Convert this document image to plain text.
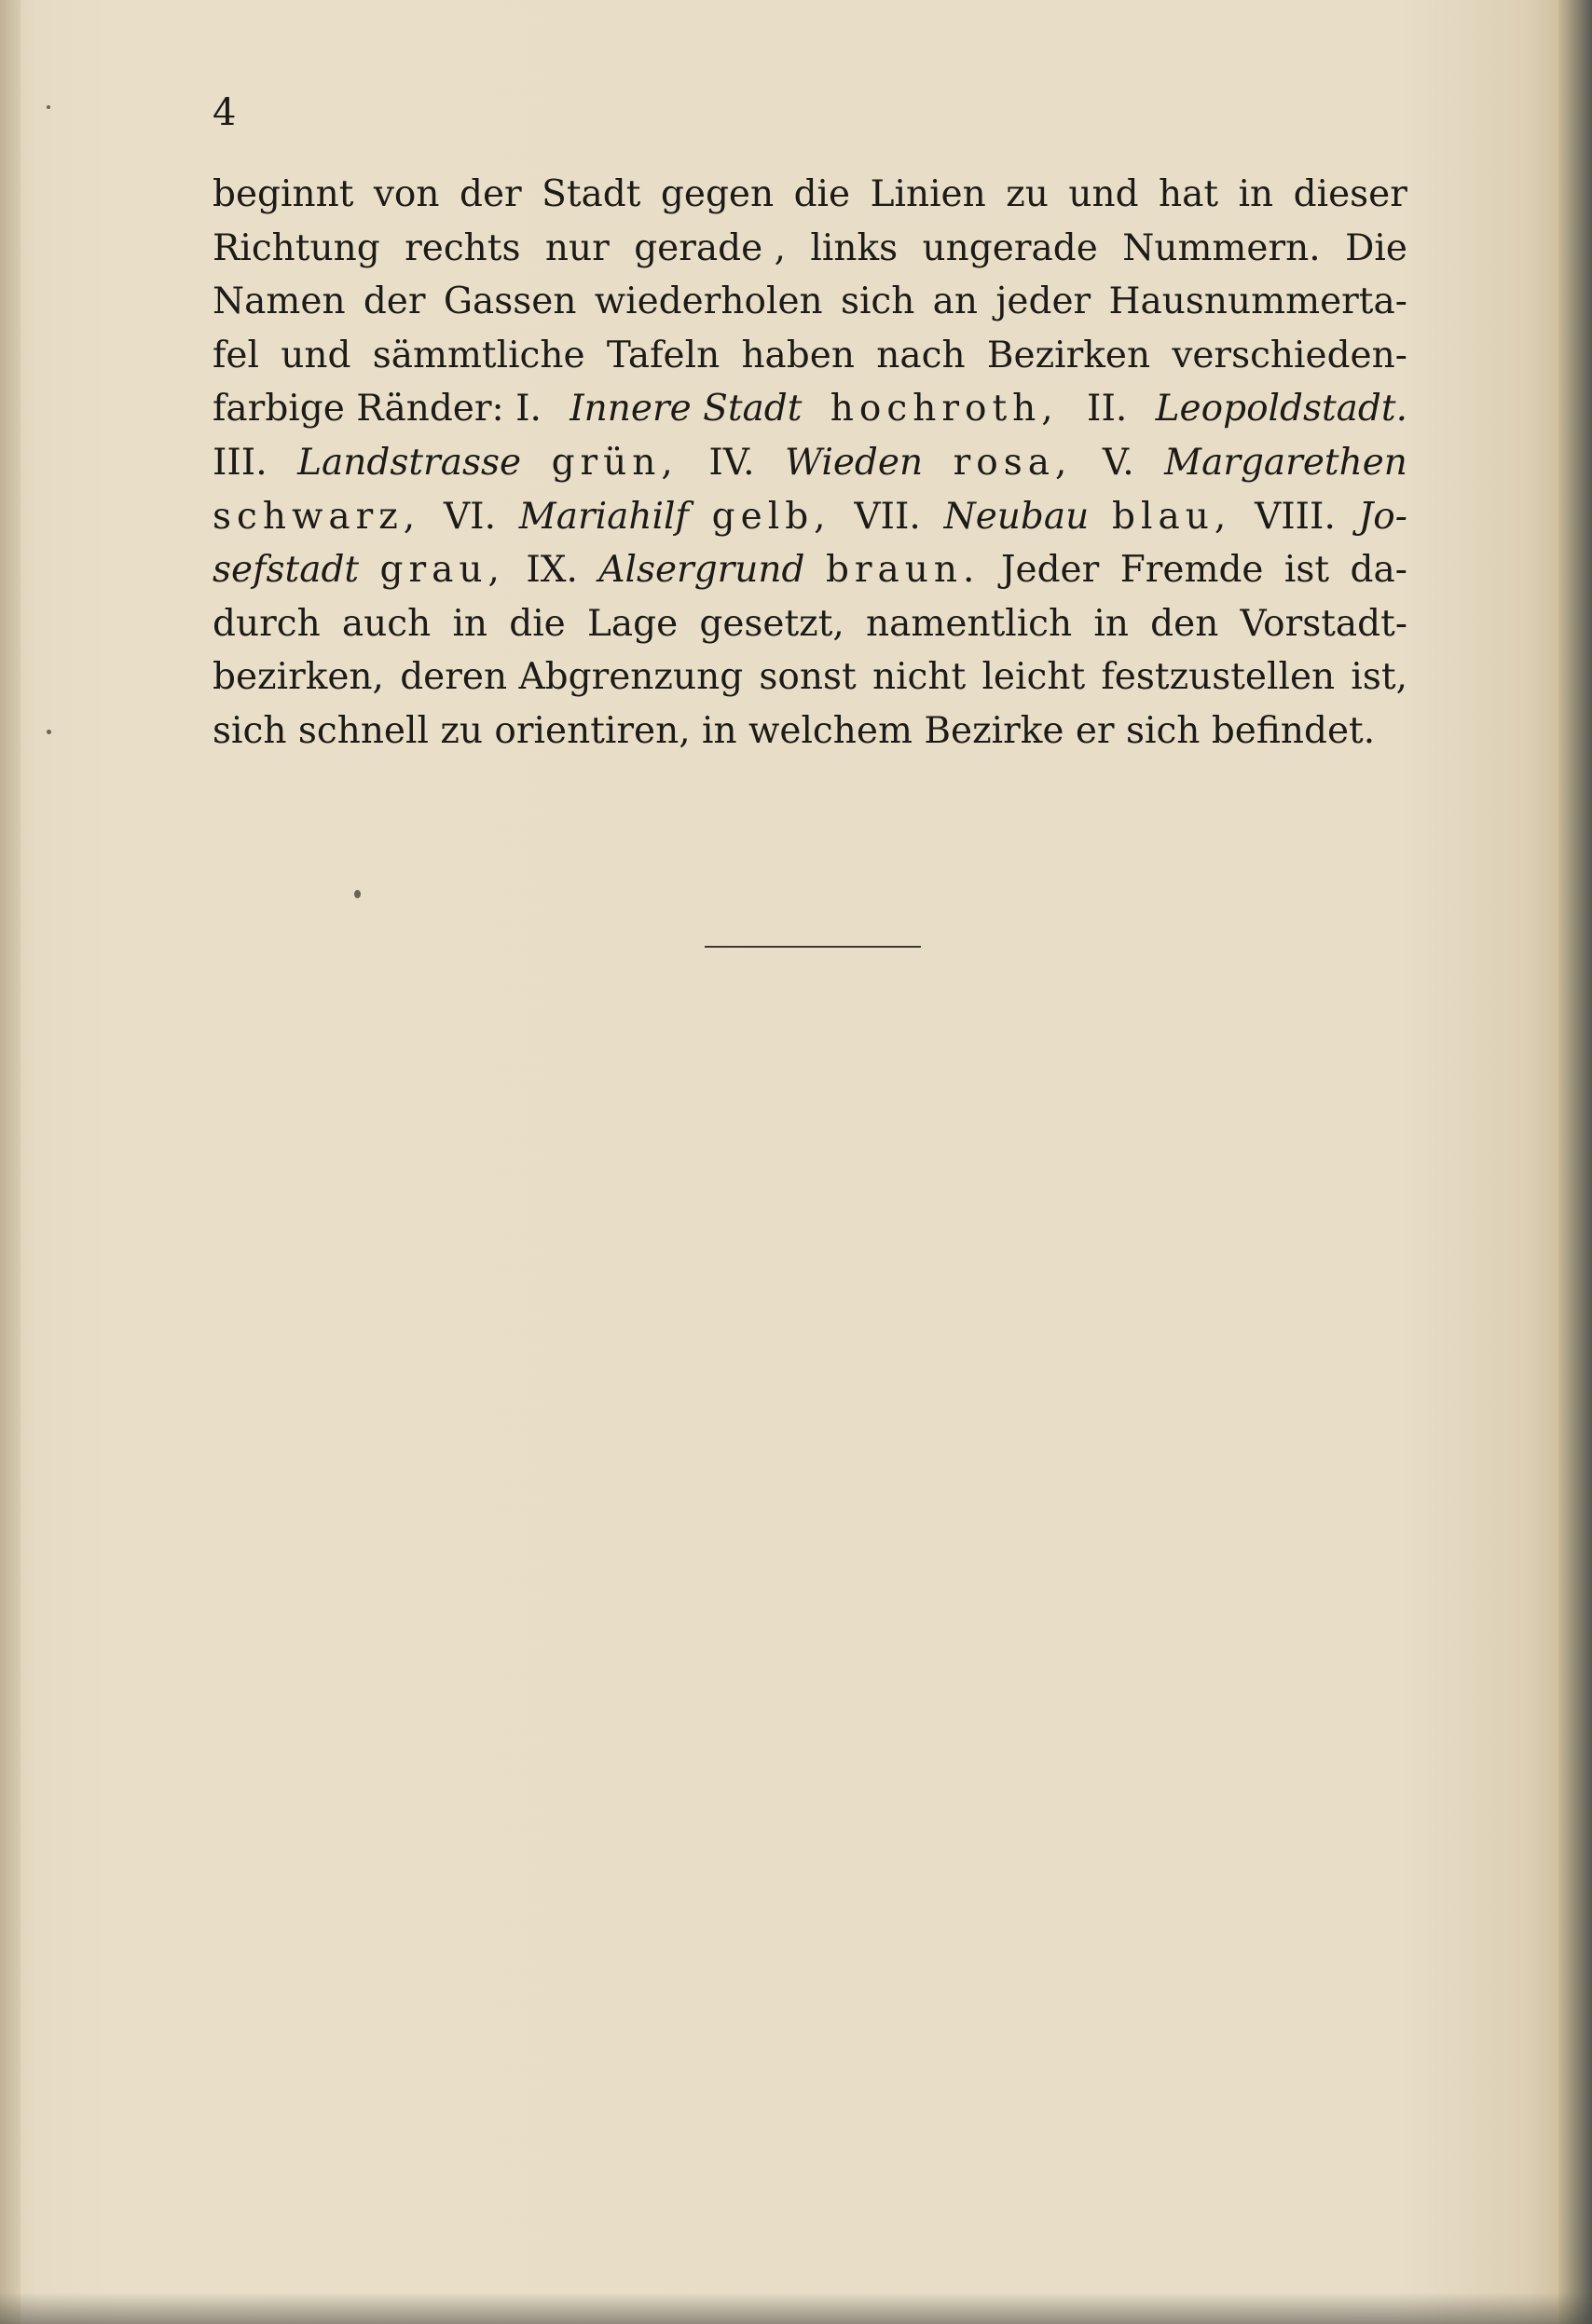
4

beginnt von der Stadt gegen die Linien zu und hat in dieser
Richtung rechts nur gerade , links ungerade Nummern. Die
Namen der Gassen wiederholen sich an jeder Hausnummerta-
fel und sämmtliche Tafeln haben nach Bezirken verschieden-
farbige Ränder: I. Innere Stadt hochroth, II. Leopoldstadt.
III. Landstrasse grün, IV. Wieden rosa, V. Margarethen
schwarz, VI. Mariahilf gelb, VII. Neubau blau, VIII. Jo-
sefstadt grau, IX. Alsergrund braun. Jeder Fremde ist da-
durch auch in die Lage gesetzt, namentlich in den Vorstadt-
bezirken, deren Abgrenzung sonst nicht leicht festzustellen ist,
sich schnell zu orientiren, in welchem Bezirke er sich befindet.
